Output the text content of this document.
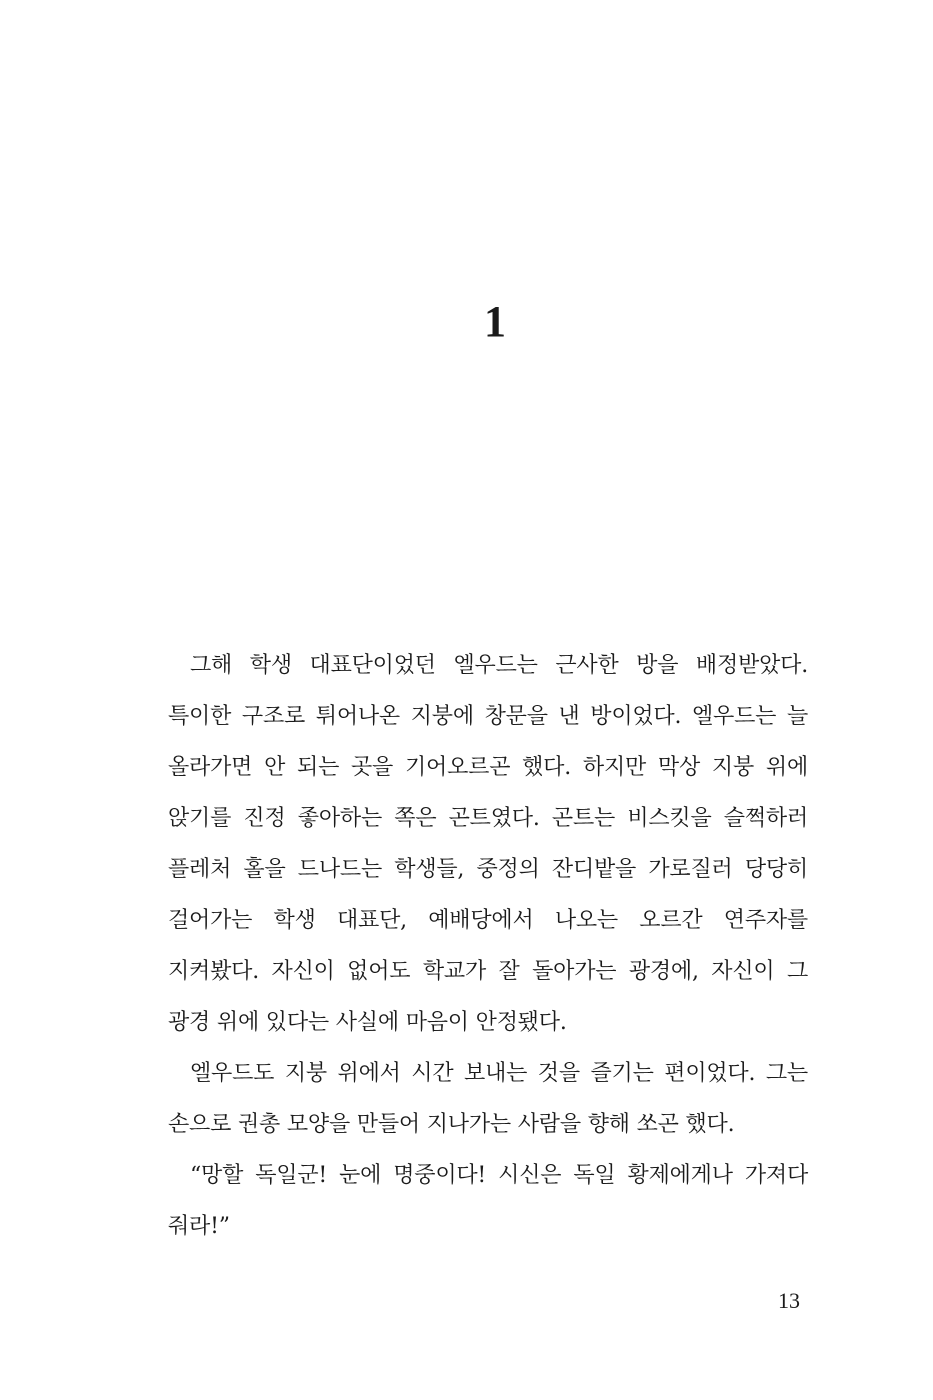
1

그해 학생 대표단이었던 엘우드는 근사한 방을 배정받았다. 특이한 구조로 튀어나온 지붕에 창문을 낸 방이었다. 엘우드는 늘 올라가면 안 되는 곳을 기어오르곤 했다. 하지만 막상 지붕 위에 앉기를 진정 좋아하는 쪽은 곤트였다. 곤트는 비스킷을 슬쩍하러 플레처 홀을 드나드는 학생들, 중정의 잔디밭을 가로질러 당당히 걸어가는 학생 대표단, 예배당에서 나오는 오르간 연주자를 지켜봤다. 자신이 없어도 학교가 잘 돌아가는 광경에, 자신이 그 광경 위에 있다는 사실에 마음이 안정됐다.

엘우드도 지붕 위에서 시간 보내는 것을 즐기는 편이었다. 그는 손으로 권총 모양을 만들어 지나가는 사람을 향해 쏘곤 했다.

“망할 독일군! 눈에 명중이다! 시신은 독일 황제에게나 가져다 줘라!”

13
